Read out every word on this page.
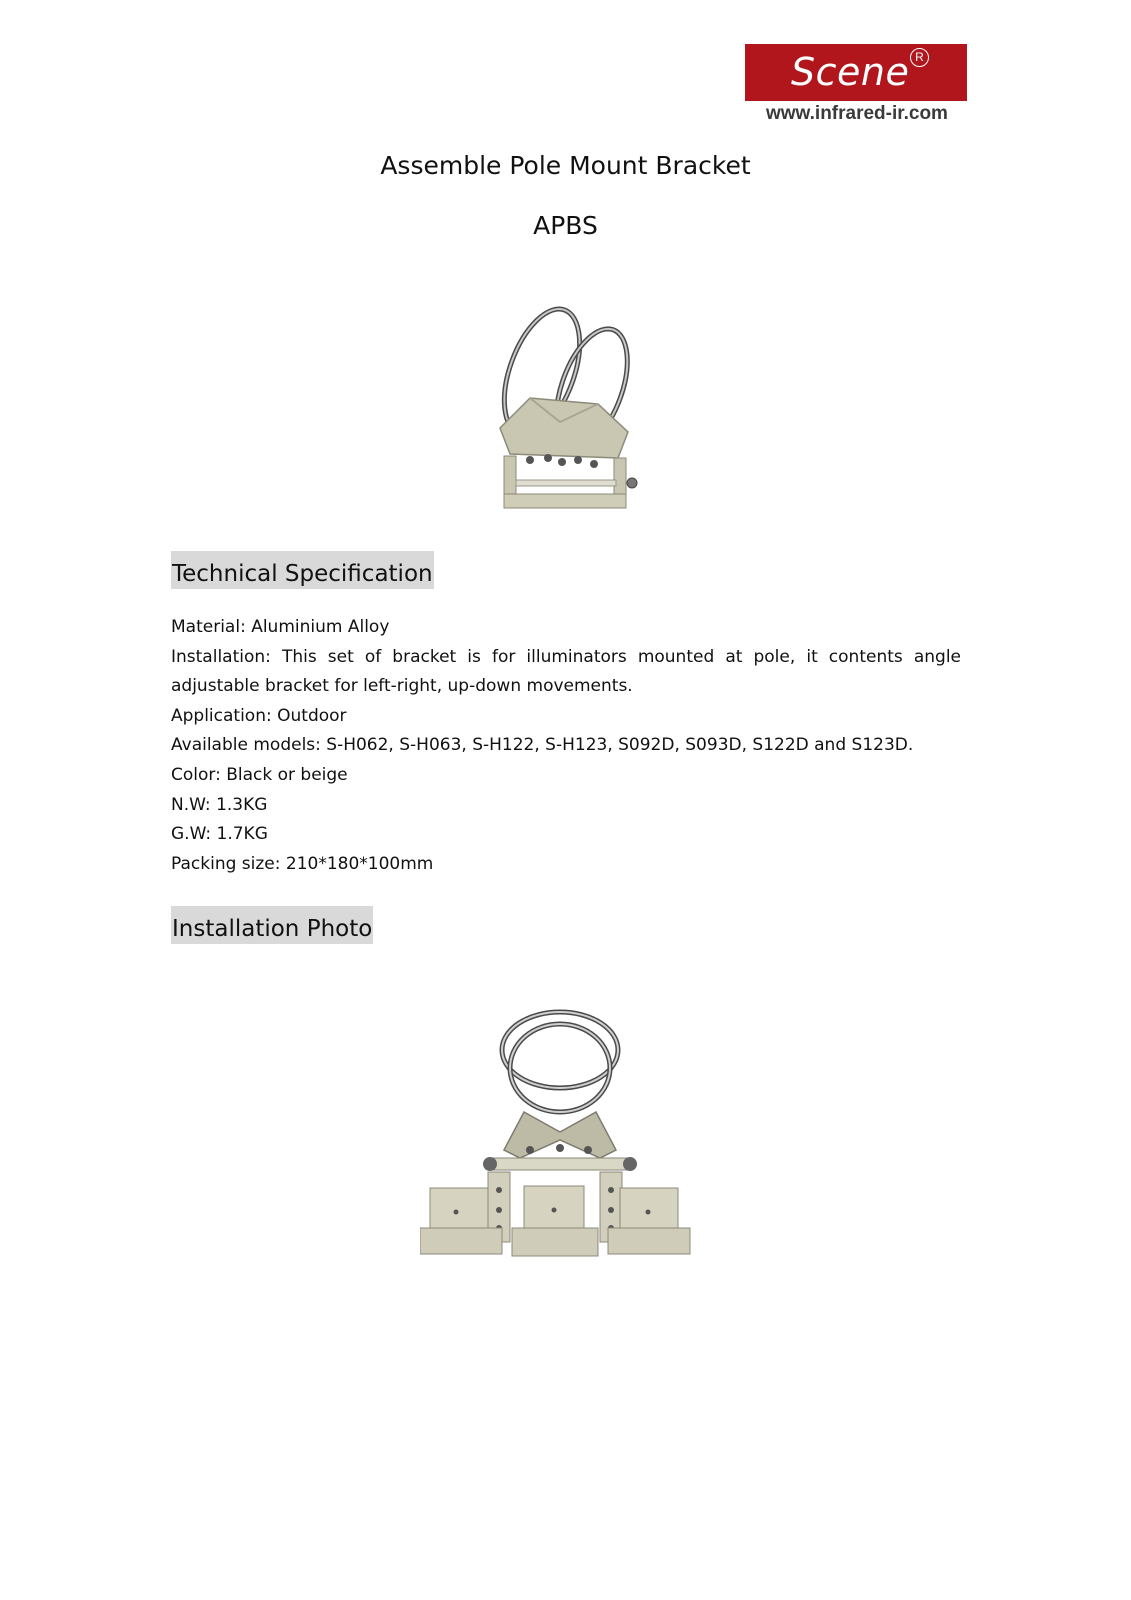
Scene R
www.infrared-ir.com
Assemble Pole Mount Bracket
APBS
Technical Specification
Material: Aluminium Alloy
Installation: This set of bracket is for illuminators mounted at pole, it contents angle adjustable bracket for left-right, up-down movements.
Application: Outdoor
Available models: S-H062, S-H063, S-H122, S-H123, S092D, S093D, S122D and S123D.
Color: Black or beige
N.W: 1.3KG
G.W: 1.7KG
Packing size: 210*180*100mm
Installation Photo
